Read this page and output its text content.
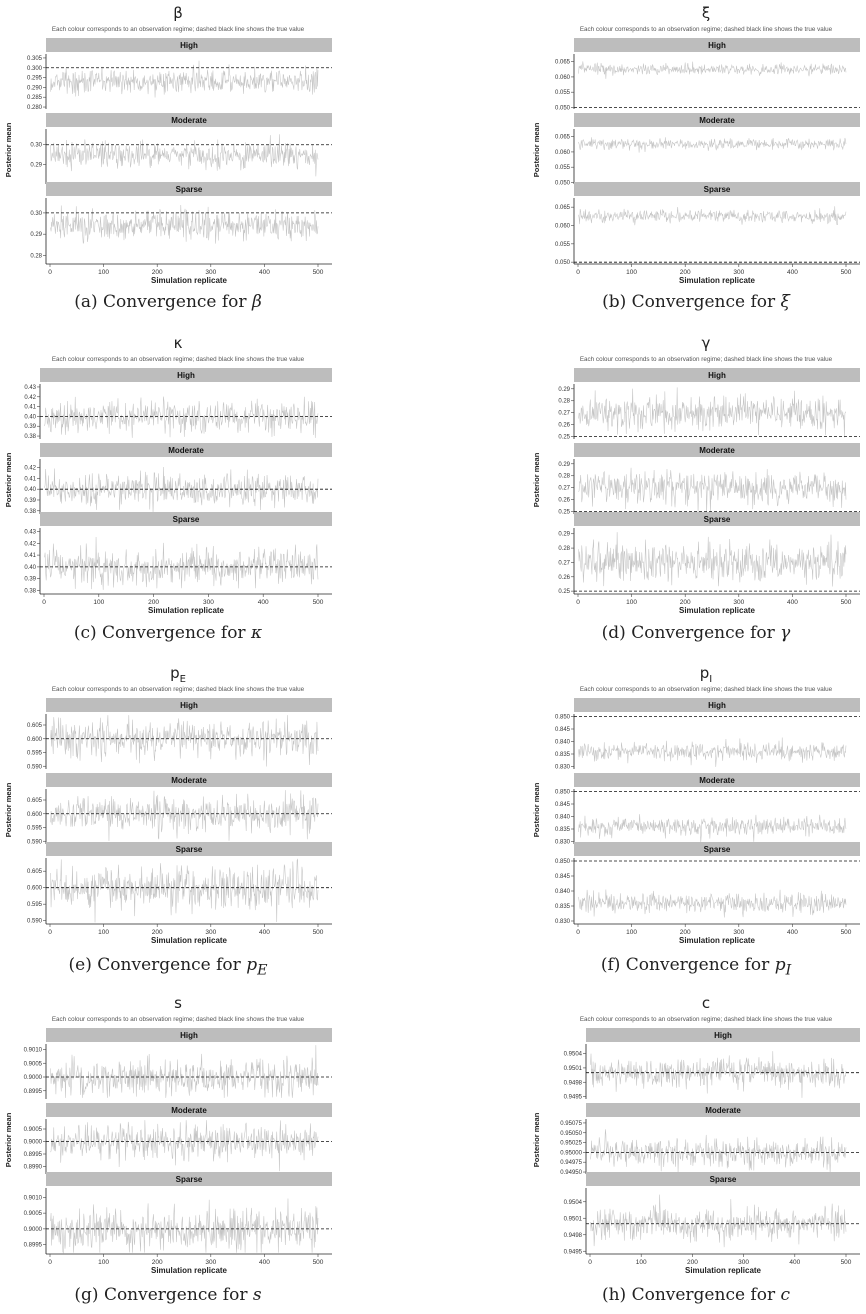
β
Each colour corresponds to an observation regime; dashed black line shows the true value
Posterior mean
High
0.280
0.285
0.290
0.295
0.300
0.305
Moderate
0.29
0.30
Sparse
0.28
0.29
0.30
0	100	200	300	400	500
Simulation replicate
(a) Convergence for β
ξ
Each colour corresponds to an observation regime; dashed black line shows the true value
Posterior mean
High
0.050
0.055
0.060
0.065
Moderate
0.050
0.055
0.060
0.065
Sparse
0.050
0.055
0.060
0.065
0	100	200	300	400	500
Simulation replicate
(b) Convergence for ξ
κ
Each colour corresponds to an observation regime; dashed black line shows the true value
Posterior mean
High
0.38
0.39
0.40
0.41
0.42
0.43
Moderate
0.38
0.39
0.40
0.41
0.42
Sparse
0.38
0.39
0.40
0.41
0.42
0.43
0	100	200	300	400	500
Simulation replicate
(c) Convergence for κ
γ
Each colour corresponds to an observation regime; dashed black line shows the true value
Posterior mean
High
0.25
0.26
0.27
0.28
0.29
Moderate
0.25
0.26
0.27
0.28
0.29
Sparse
0.25
0.26
0.27
0.28
0.29
0	100	200	300	400	500
Simulation replicate
(d) Convergence for γ
$p_E$
Each colour corresponds to an observation regime; dashed black line shows the true value
Posterior mean
High
0.590
0.595
0.600
0.605
Moderate
0.590
0.595
0.600
0.605
Sparse
0.590
0.595
0.600
0.605
0	100	200	300	400	500
Simulation replicate
(e) Convergence for $p_E$
$p_I$
Each colour corresponds to an observation regime; dashed black line shows the true value
Posterior mean
High
0.830
0.835
0.840
0.845
0.850
Moderate
0.830
0.835
0.840
0.845
0.850
Sparse
0.830
0.835
0.840
0.845
0.850
0	100	200	300	400	500
Simulation replicate
(f) Convergence for $p_I$
s
Each colour corresponds to an observation regime; dashed black line shows the true value
Posterior mean
High
0.8995
0.9000
0.9005
0.9010
Moderate
0.8990
0.8995
0.9000
0.9005
Sparse
0.8995
0.9000
0.9005
0.9010
0	100	200	300	400	500
Simulation replicate
(g) Convergence for s
c
Each colour corresponds to an observation regime; dashed black line shows the true value
Posterior mean
High
0.9495
0.9498
0.9501
0.9504
Moderate
0.94950
0.94975
0.95000
0.95025
0.95050
0.95075
Sparse
0.9495
0.9498
0.9501
0.9504
0	100	200	300	400	500
Simulation replicate
(h) Convergence for c
